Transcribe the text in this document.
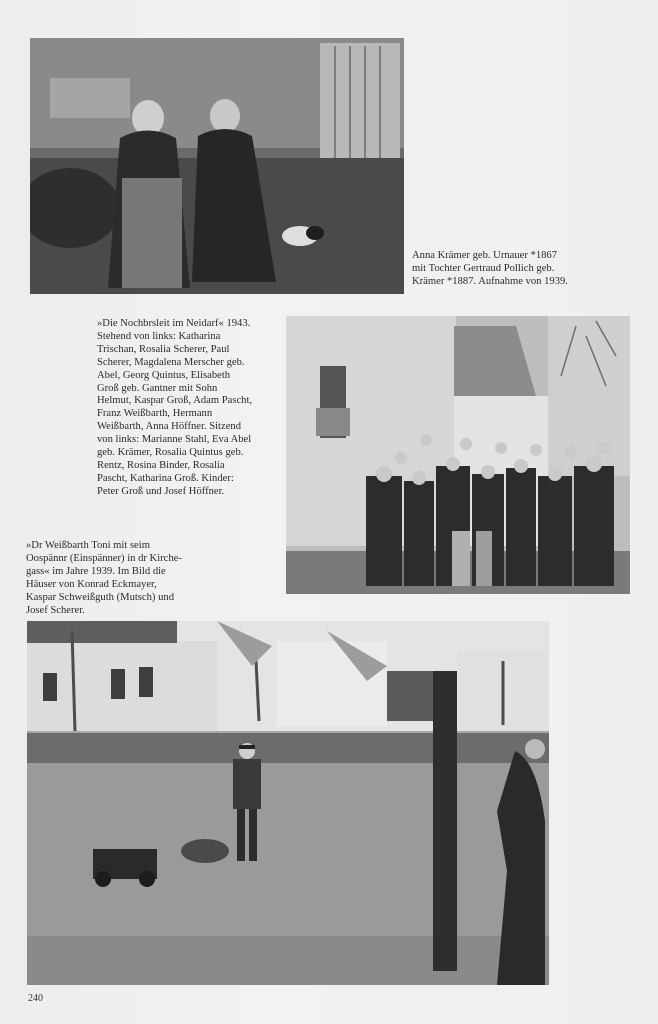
Anna Krämer geb. Urnauer *1867
mit Tochter Gertraud Pollich geb.
Krämer *1887. Aufnahme von 1939.
»Die Nochbrsleit im Neidarf« 1943.
Stehend von links: Katharina
Trischan, Rosalia Scherer, Paul
Scherer, Magdalena Merscher geb.
Abel, Georg Quintus, Elisabeth
Groß geb. Gantner mit Sohn
Helmut, Kaspar Groß, Adam Pascht,
Franz Weißbarth, Hermann
Weißbarth, Anna Höffner. Sitzend
von links: Marianne Stahl, Eva Abel
geb. Krämer, Rosalia Quintus geb.
Rentz, Rosina Binder, Rosalia
Pascht, Katharina Groß. Kinder:
Peter Groß und Josef Höffner.
»Dr Weißbarth Toni mit seim
Oospännr (Einspänner) in dr Kirche-
gass« im Jahre 1939. Im Bild die
Häuser von Konrad Eckmayer,
Kaspar Schweißguth (Mutsch) und
Josef Scherer.
240
